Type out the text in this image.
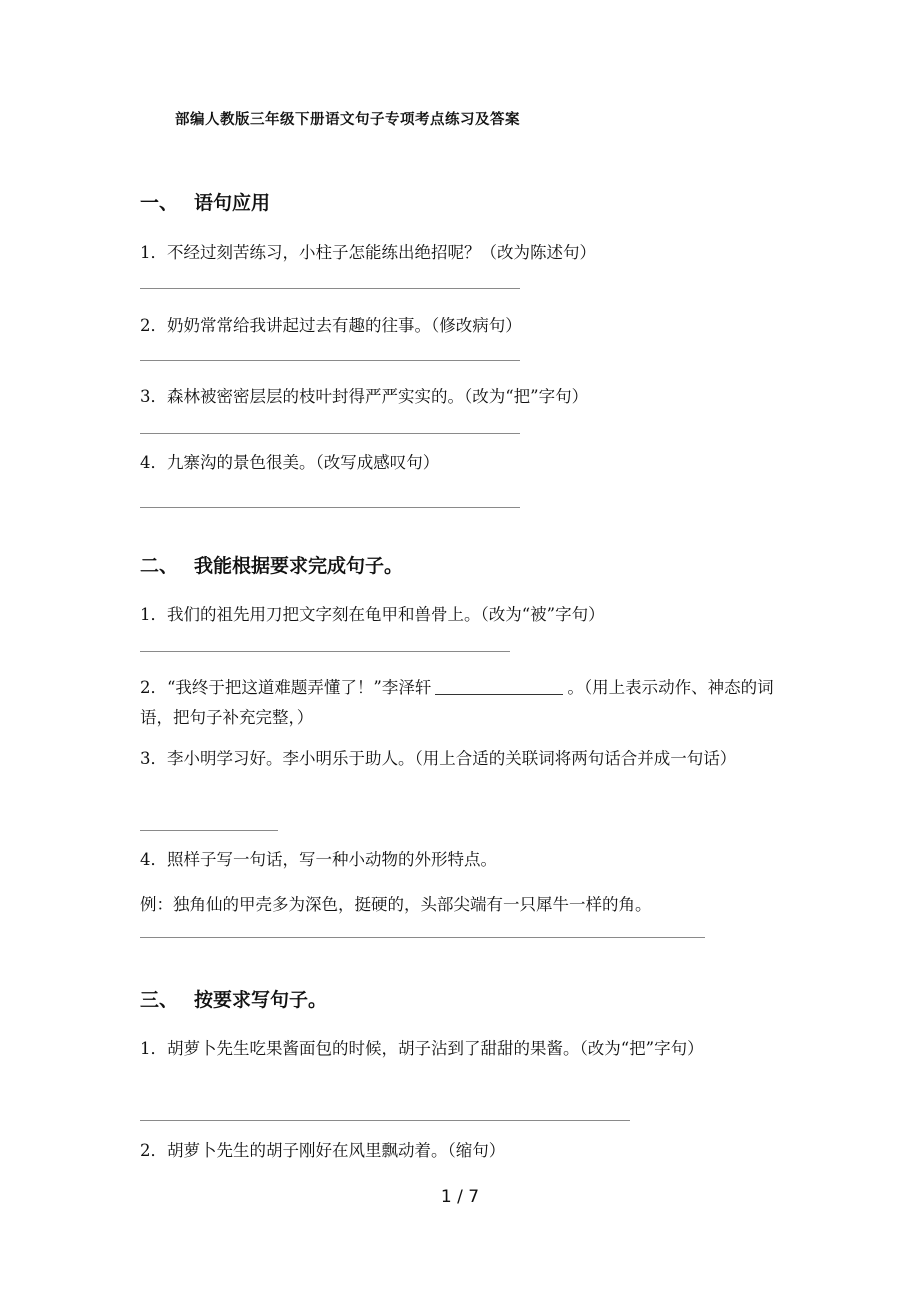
部编人教版三年级下册语文句子专项考点练习及答案
一、 语句应用
1．不经过刻苦练习，小柱子怎能练出绝招呢？（改为陈述句）
2．奶奶常常给我讲起过去有趣的往事。（修改病句）
3．森林被密密层层的枝叶封得严严实实的。（改为“把”字句）
4．九寨沟的景色很美。（改写成感叹句）
二、 我能根据要求完成句子。
1．我们的祖先用刀把文字刻在龟甲和兽骨上。（改为“被”字句）
2．“我终于把这道难题弄懂了！”李泽轩	。（用上表示动作、神态的词语，把句子补充完整，）
3．李小明学习好。李小明乐于助人。（用上合适的关联词将两句话合并成一句话）
4．照样子写一句话，写一种小动物的外形特点。
例：独角仙的甲壳多为深色，挺硬的，头部尖端有一只犀牛一样的角。
三、 按要求写句子。
1．胡萝卜先生吃果酱面包的时候，胡子沾到了甜甜的果酱。（改为“把”字句）
2．胡萝卜先生的胡子刚好在风里飘动着。（缩句）
1 / 7
